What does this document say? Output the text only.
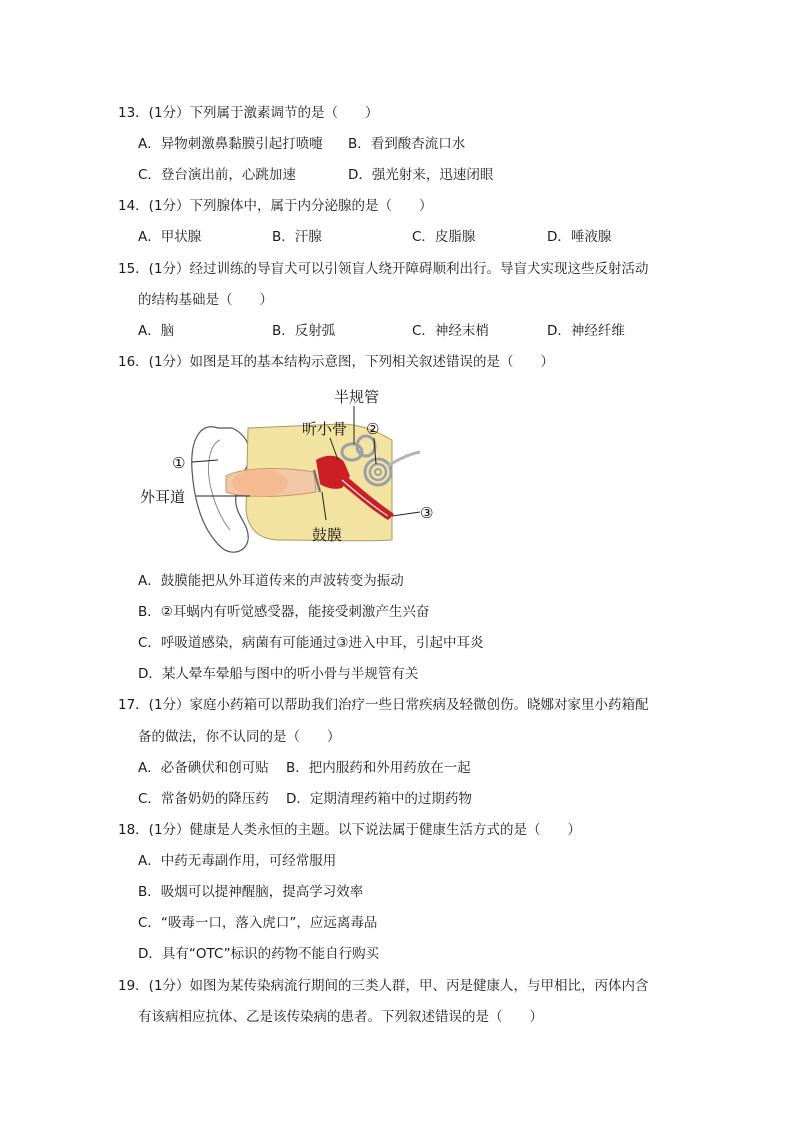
13．(1分）下列属于激素调节的是（　　）
A．异物刺激鼻黏膜引起打喷嚏 B．看到酸杏流口水
C．登台演出前，心跳加速	D．强光射来，迅速闭眼
14．(1分）下列腺体中，属于内分泌腺的是（　　）
A．甲状腺	B．汗腺	C．皮脂腺	D．唾液腺
15．(1分）经过训练的导盲犬可以引领盲人绕开障碍顺利出行。导盲犬实现这些反射活动
的结构基础是（　　）
A．脑	B．反射弧	C．神经末梢	D．神经纤维
16．(1分）如图是耳的基本结构示意图，下列相关叙述错误的是（　　）
半规管
听小骨 ②
①
外耳道
③
鼓膜
A．鼓膜能把从外耳道传来的声波转变为振动
B．②耳蜗内有听觉感受器，能接受刺激产生兴奋
C．呼吸道感染，病菌有可能通过③进入中耳，引起中耳炎
D．某人晕车晕船与图中的听小骨与半规管有关
17．(1分）家庭小药箱可以帮助我们治疗一些日常疾病及轻微创伤。晓娜对家里小药箱配
备的做法，你不认同的是（　　）
A．必备碘伏和创可贴 B．把内服药和外用药放在一起
C．常备奶奶的降压药 D．定期清理药箱中的过期药物
18．(1分）健康是人类永恒的主题。以下说法属于健康生活方式的是（　　）
A．中药无毒副作用，可经常服用
B．吸烟可以提神醒脑，提高学习效率
C．“吸毒一口，落入虎口”，应远离毒品
D．具有“OTC”标识的药物不能自行购买
19．(1分）如图为某传染病流行期间的三类人群，甲、丙是健康人，与甲相比，丙体内含
有该病相应抗体、乙是该传染病的患者。下列叙述错误的是（　　）
